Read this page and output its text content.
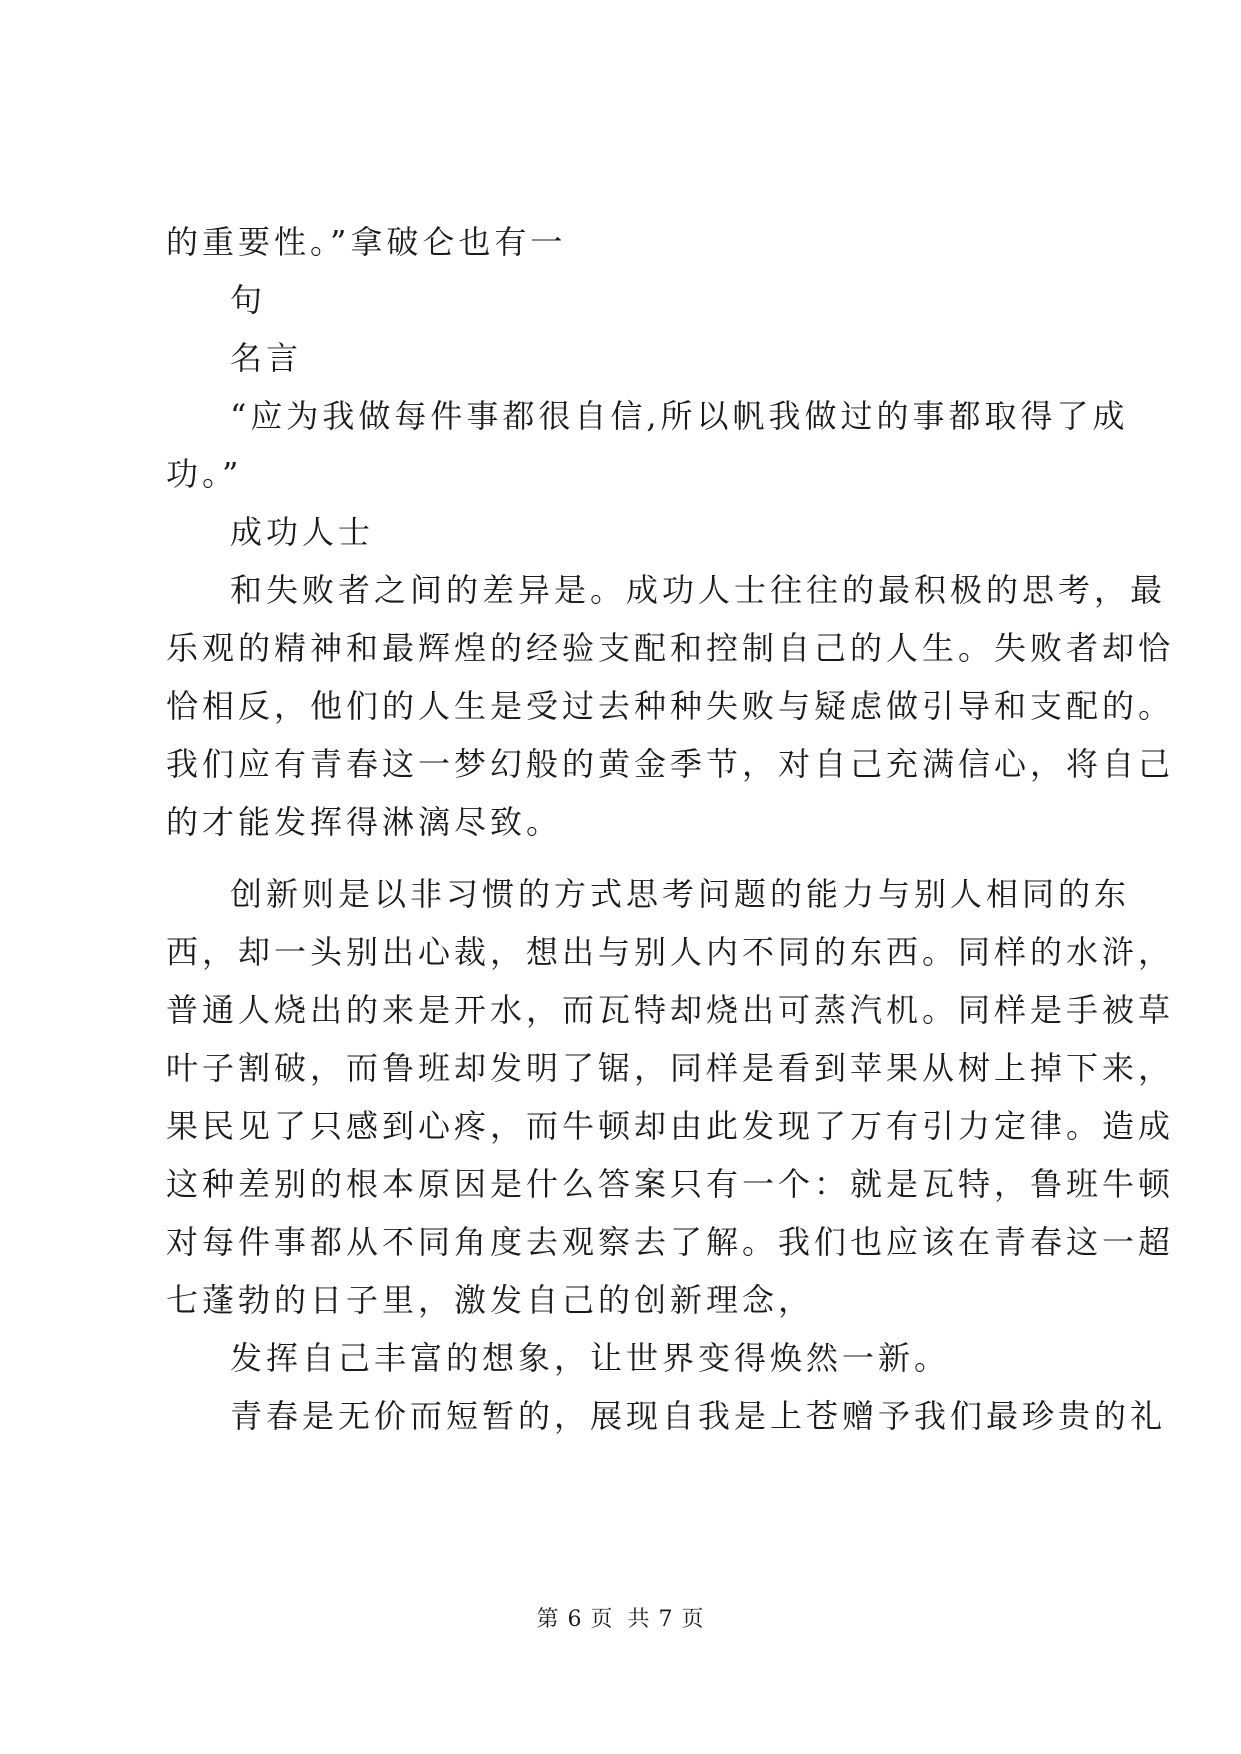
的重要性。”拿破仑也有一
句
名言
“应为我做每件事都很自信,所以帆我做过的事都取得了成
功。”
成功人士
和失败者之间的差异是。成功人士往往的最积极的思考，最
乐观的精神和最辉煌的经验支配和控制自己的人生。失败者却恰
恰相反，他们的人生是受过去种种失败与疑虑做引导和支配的。
我们应有青春这一梦幻般的黄金季节，对自己充满信心，将自己
的才能发挥得淋漓尽致。
创新则是以非习惯的方式思考问题的能力与别人相同的东
西，却一头别出心裁，想出与别人内不同的东西。同样的水浒，
普通人烧出的来是开水，而瓦特却烧出可蒸汽机。同样是手被草
叶子割破，而鲁班却发明了锯，同样是看到苹果从树上掉下来，
果民见了只感到心疼，而牛顿却由此发现了万有引力定律。造成
这种差别的根本原因是什么答案只有一个：就是瓦特，鲁班牛顿
对每件事都从不同角度去观察去了解。我们也应该在青春这一超
七蓬勃的日子里，激发自己的创新理念，
发挥自己丰富的想象，让世界变得焕然一新。
青春是无价而短暂的，展现自我是上苍赠予我们最珍贵的礼
第 6 页 共 7 页
